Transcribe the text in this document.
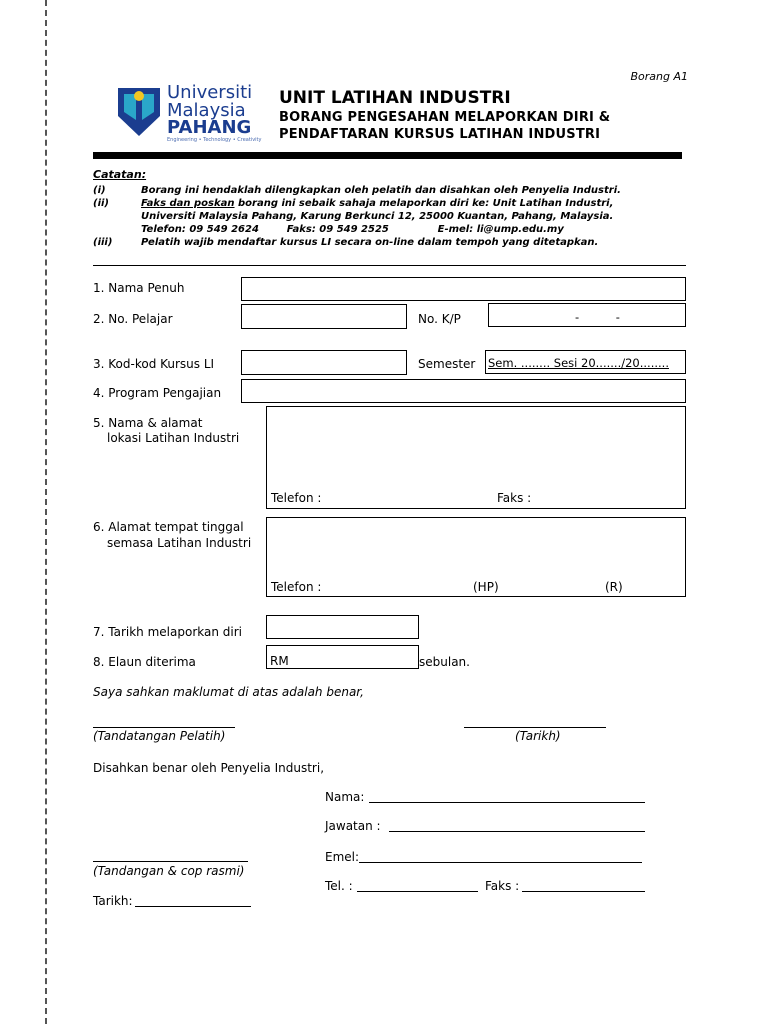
Borang A1
Universiti
Malaysia
PAHANG
Engineering • Technology • Creativity
UNIT LATIHAN INDUSTRI
BORANG PENGESAHAN MELAPORKAN DIRI &
PENDAFTARAN KURSUS LATIHAN INDUSTRI
Catatan:
(i)	Borang ini hendaklah dilengkapkan oleh pelatih dan disahkan oleh Penyelia Industri.
(ii)	Faks dan poskan borang ini sebaik sahaja melaporkan diri ke: Unit Latihan Industri,
Universiti Malaysia Pahang, Karung Berkunci 12, 25000 Kuantan, Pahang, Malaysia.
Telefon: 09 549 2624        Faks: 09 549 2525              E-mel: li@ump.edu.my
(iii)	Pelatih wajib mendaftar kursus LI secara on-line dalam tempoh yang ditetapkan.
1. Nama Penuh
2. No. Pelajar	No. K/P	-          -
3. Kod-kod Kursus LI	Semester Sem. ........ Sesi 20......./20........
4. Program Pengajian
5. Nama & alamat
lokasi Latihan Industri
Telefon :	Faks :
6. Alamat tempat tinggal
semasa Latihan Industri
Telefon :	(HP)	(R)
7. Tarikh melaporkan diri
8. Elaun diterima	RM	sebulan.
Saya sahkan maklumat di atas adalah benar,
(Tandatangan Pelatih)	(Tarikh)
Disahkan benar oleh Penyelia Industri,
Nama:
Jawatan :
Emel:
(Tandangan & cop rasmi)
Tel. :	Faks :
Tarikh:
